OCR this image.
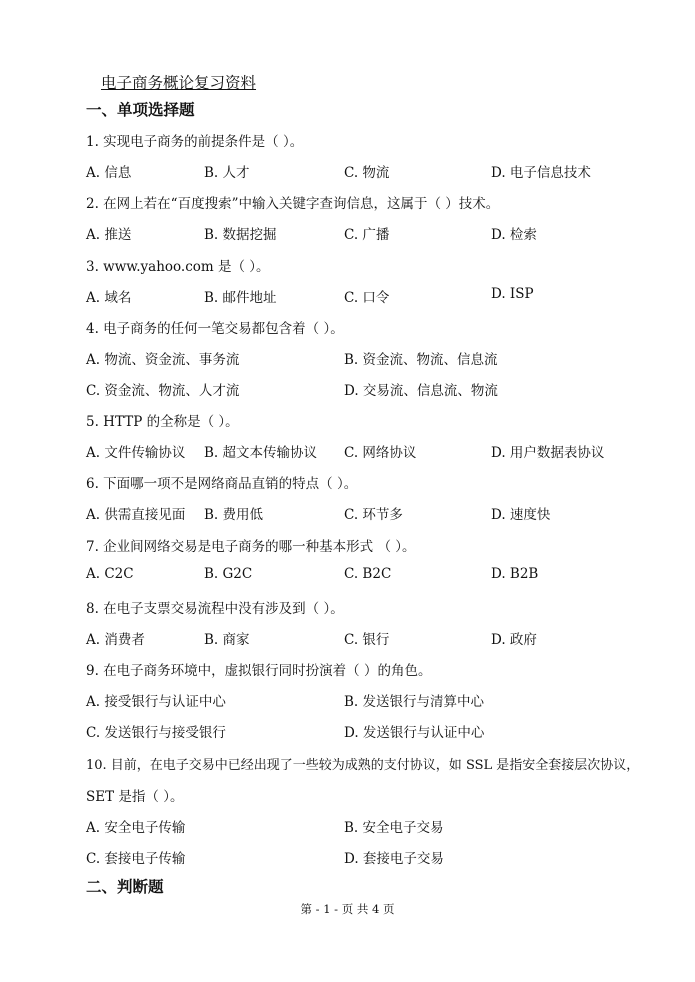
电子商务概论复习资料
一、单项选择题
1. 实现电子商务的前提条件是（ ）。
A. 信息	B. 人才	C. 物流	D. 电子信息技术
2. 在网上若在“百度搜索”中输入关键字查询信息，这属于（ ）技术。
A. 推送	B. 数据挖掘	C. 广播	D. 检索
3. www.yahoo.com 是（ ）。
A. 域名	B. 邮件地址	C. 口令	D. ISP
4. 电子商务的任何一笔交易都包含着（ ）。
A. 物流、资金流、事务流	B. 资金流、物流、信息流
C. 资金流、物流、人才流	D. 交易流、信息流、物流
5. HTTP 的全称是（ ）。
A. 文件传输协议 B. 超文本传输协议 C. 网络协议	D. 用户数据表协议
6. 下面哪一项不是网络商品直销的特点（ ）。
A. 供需直接见面 B. 费用低	C. 环节多	D. 速度快
7. 企业间网络交易是电子商务的哪一种基本形式 （ ）。
A. C2C	B. G2C	C. B2C	D. B2B
8. 在电子支票交易流程中没有涉及到（ ）。
A. 消费者	B. 商家	C. 银行	D. 政府
9. 在电子商务环境中，虚拟银行同时扮演着（ ）的角色。
A. 接受银行与认证中心	B. 发送银行与清算中心
C. 发送银行与接受银行	D. 发送银行与认证中心
10. 目前，在电子交易中已经出现了一些较为成熟的支付协议，如 SSL 是指安全套接层次协议，
SET 是指（ ）。
A. 安全电子传输	B. 安全电子交易
C. 套接电子传输	D. 套接电子交易
二、判断题
第 - 1 - 页 共 4 页
